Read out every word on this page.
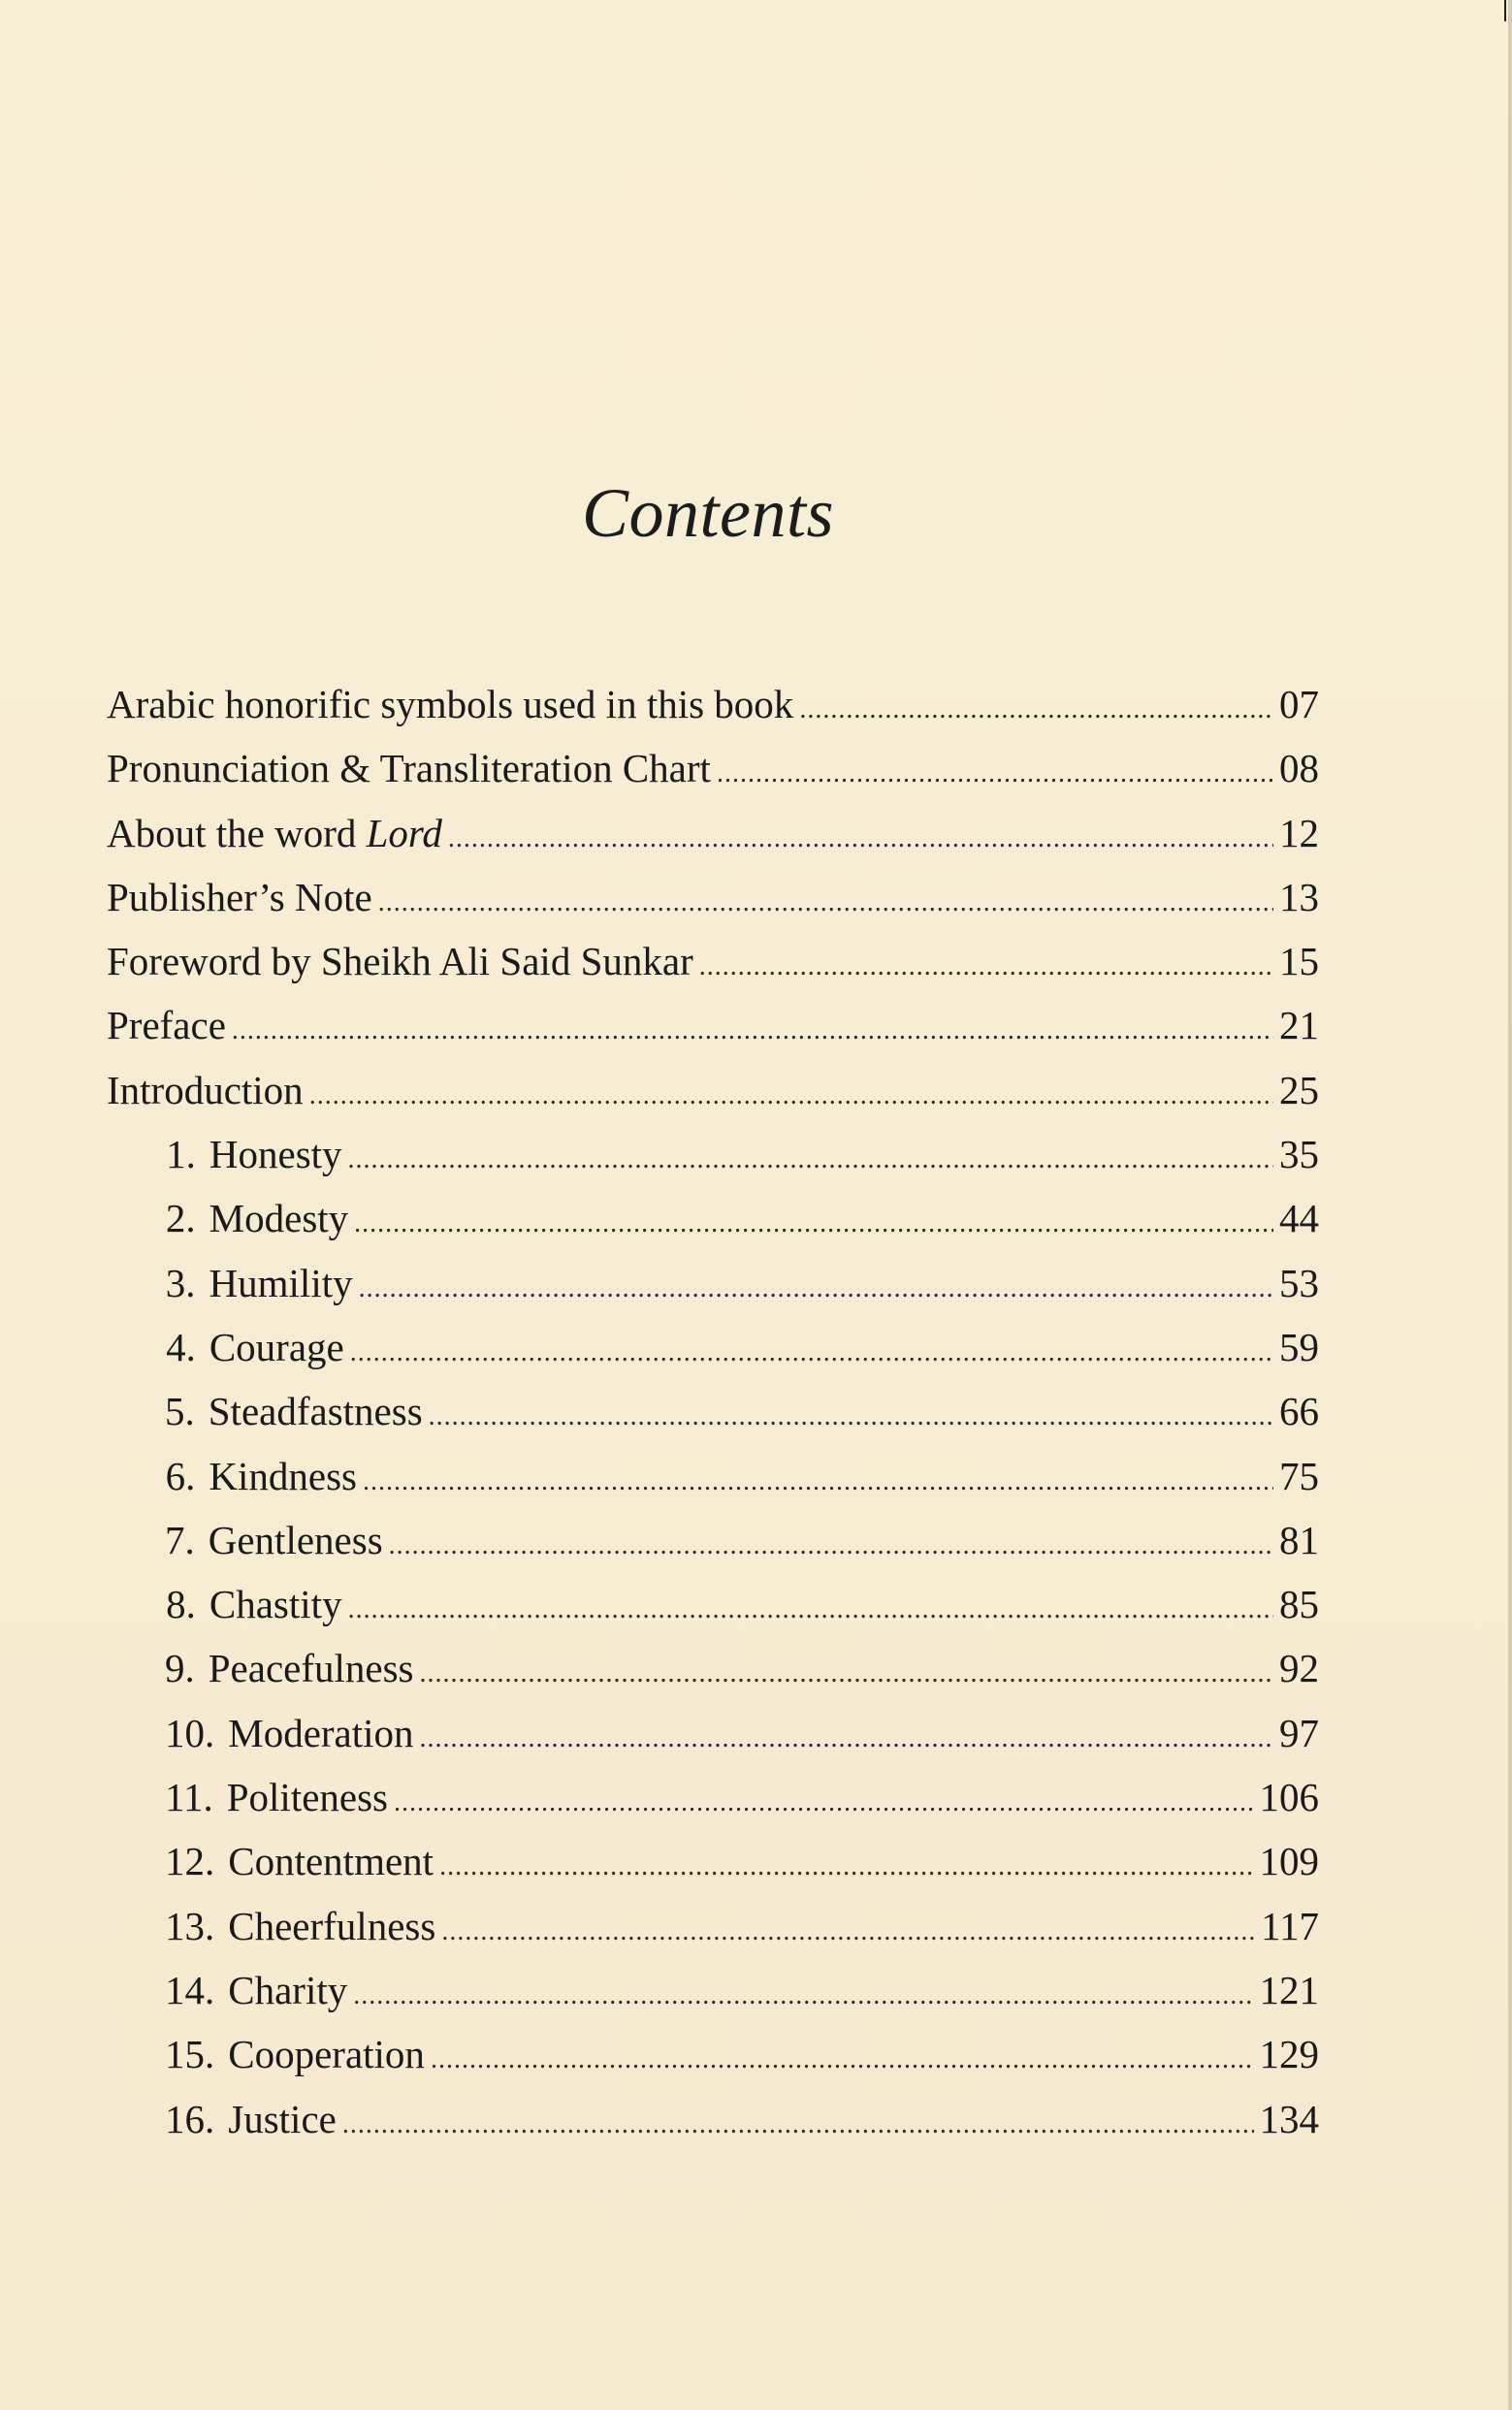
Contents
Arabic honorific symbols used in this book .....	07
Pronunciation & Transliteration Chart .....	08
About the word Lord .....	12
Publisher’s Note .....	13
Foreword by Sheikh Ali Said Sunkar .....	15
Preface .....	21
Introduction .....	25
1. Honesty .....	35
2. Modesty .....	44
3. Humility .....	53
4. Courage .....	59
5. Steadfastness .....	66
6. Kindness .....	75
7. Gentleness .....	81
8. Chastity .....	85
9. Peacefulness .....	92
10. Moderation .....	97
11. Politeness .....	106
12. Contentment .....	109
13. Cheerfulness .....	117
14. Charity .....	121
15. Cooperation .....	129
16. Justice .....	134
